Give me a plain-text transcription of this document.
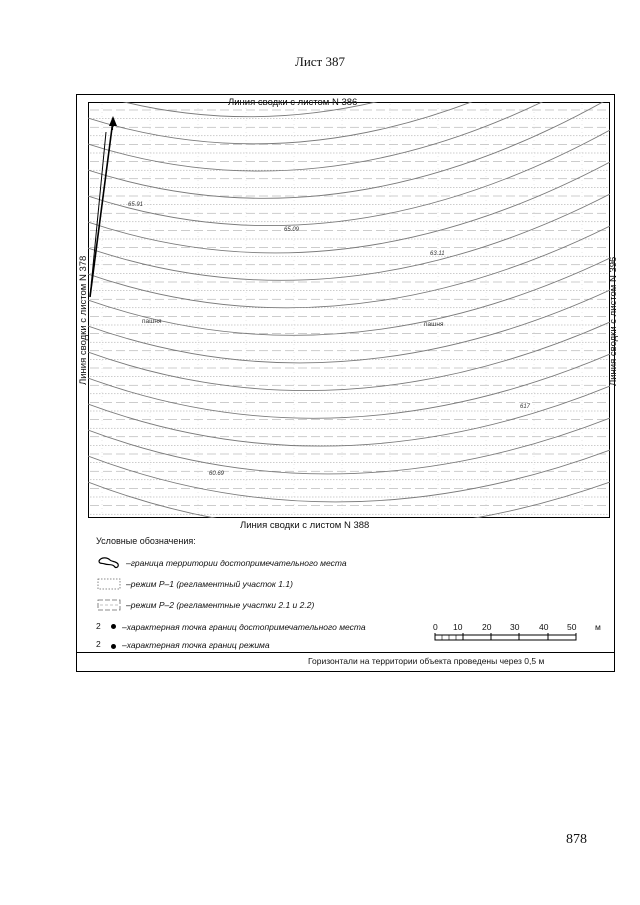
Лист 387
Y
65.91
65.09
63.11
617
60.69
пашня	пашня
Линия сводки с листом N 386
Линия сводки с листом N 388
Линия сводки с листом N 378	Линия сводки с листом N 396
Условные обозначения:
–граница территории достопримечательного места
–режим Р–1 (регламентный участок 1.1)
–режим Р–2 (регламентные участки 2.1 и 2.2)
2	–характерная точка границ достопримечательного места
2	–характерная точка границ режима
0 10 20 30 40 50 м
Горизонтали на территории объекта проведены через 0,5 м
878
